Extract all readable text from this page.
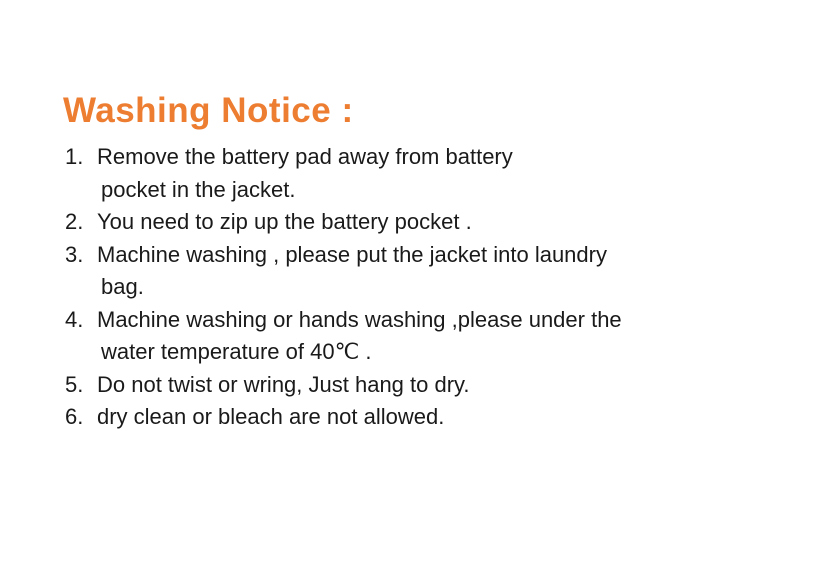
Washing Notice :
1. Remove the battery pad away from battery
pocket in the jacket.
2. You need to zip up the battery pocket .
3. Machine washing , please put the jacket into laundry
bag.
4. Machine washing or hands washing ,please under the
water temperature of 40℃ .
5. Do not twist or wring, Just hang to dry.
6. dry clean or bleach are not allowed.
